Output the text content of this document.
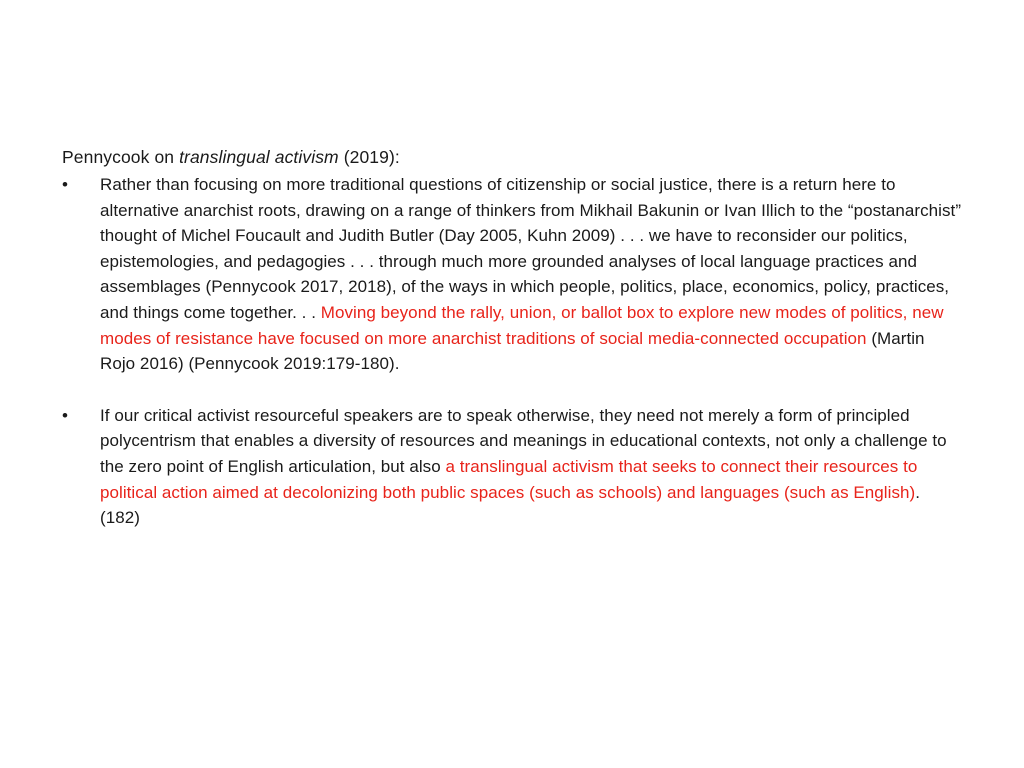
Pennycook on translingual activism (2019):

•	Rather than focusing on more traditional questions of citizenship or social justice, there is a return here to alternative anarchist roots, drawing on a range of thinkers from Mikhail Bakunin or Ivan Illich to the “postanarchist” thought of Michel Foucault and Judith Butler (Day 2005, Kuhn 2009) . . . we have to reconsider our politics, epistemologies, and pedagogies . . . through much more grounded analyses of local language practices and assemblages (Pennycook 2017, 2018), of the ways in which people, politics, place, economics, policy, practices, and things come together. . . Moving beyond the rally, union, or ballot box to explore new modes of politics, new modes of resistance have focused on more anarchist traditions of social media-connected occupation (Martin Rojo 2016) (Pennycook 2019:179-180).
•	If our critical activist resourceful speakers are to speak otherwise, they need not merely a form of principled polycentrism that enables a diversity of resources and meanings in educational contexts, not only a challenge to the zero point of English articulation, but also a translingual activism that seeks to connect their resources to political action aimed at decolonizing both public spaces (such as schools) and languages (such as English). (182)
